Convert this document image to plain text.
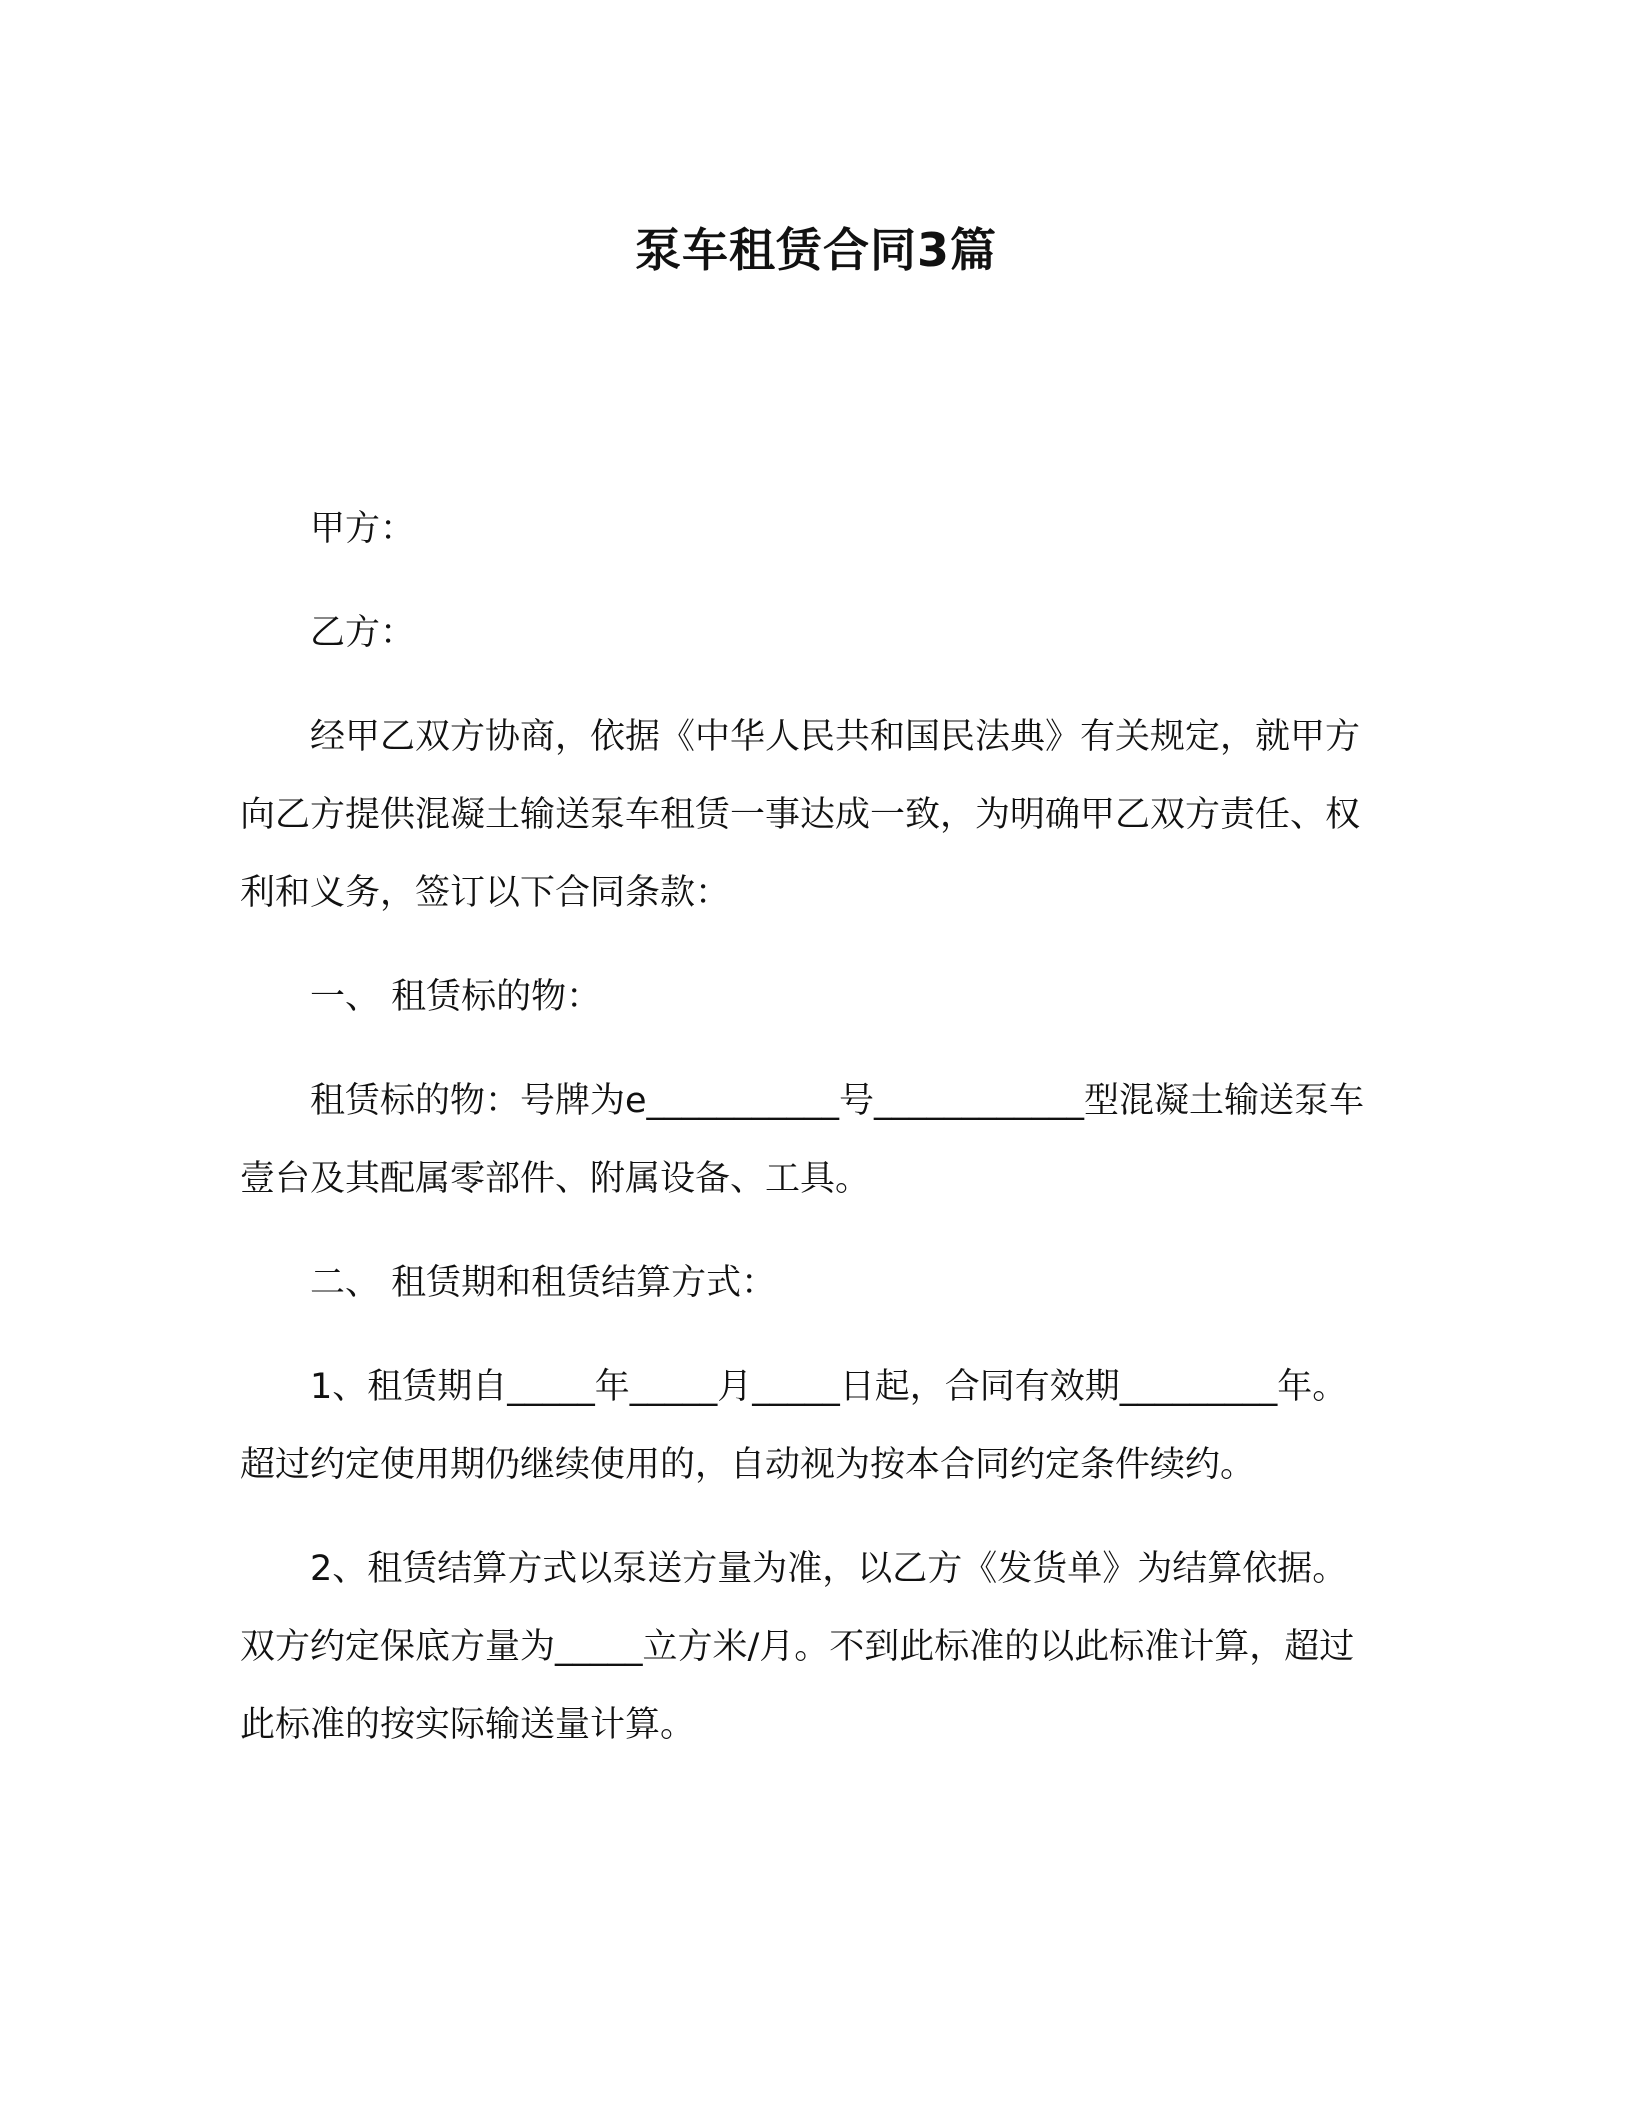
泵车租赁合同3篇

甲方：

乙方：

经甲乙双方协商，依据《中华人民共和国民法典》有关规定，就甲方向乙方提供混凝土输送泵车租赁一事达成一致，为明确甲乙双方责任、权利和义务，签订以下合同条款：

一、 租赁标的物：

租赁标的物：号牌为e___________号____________型混凝土输送泵车壹台及其配属零部件、附属设备、工具。

二、 租赁期和租赁结算方式：

1、租赁期自_____年_____月_____日起，合同有效期_________年。超过约定使用期仍继续使用的，自动视为按本合同约定条件续约。

2、租赁结算方式以泵送方量为准，以乙方《发货单》为结算依据。双方约定保底方量为_____立方米/月。不到此标准的以此标准计算，超过此标准的按实际输送量计算。
